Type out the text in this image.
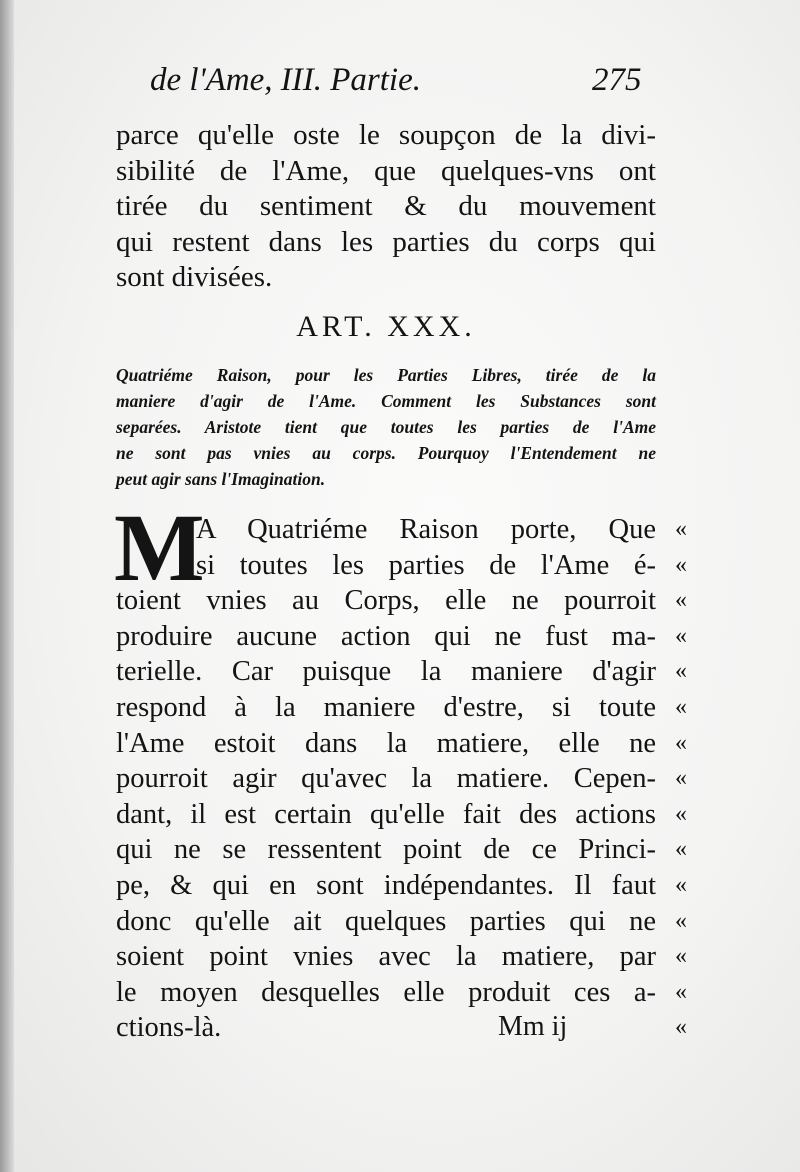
de l'Ame, III. Partie.	275
parce qu'elle oste le soupçon de la divi-
sibilité de l'Ame, que quelques-vns ont
tirée du sentiment & du mouvement
qui restent dans les parties du corps qui
sont divisées.
ART. XXX.
Quatriéme Raison, pour les Parties Libres, tirée de la
maniere d'agir de l'Ame. Comment les Substances sont
separées. Aristote tient que toutes les parties de l'Ame
ne sont pas vnies au corps. Pourquoy l'Entendement ne
peut agir sans l'Imagination.
M
A Quatriéme Raison porte, Que
si toutes les parties de l'Ame é-
toient vnies au Corps, elle ne pourroit
produire aucune action qui ne fust ma-
terielle. Car puisque la maniere d'agir
respond à la maniere d'estre, si toute
l'Ame estoit dans la matiere, elle ne
pourroit agir qu'avec la matiere. Cepen-
dant, il est certain qu'elle fait des actions
qui ne se ressentent point de ce Princi-
pe, & qui en sont indépendantes. Il faut
donc qu'elle ait quelques parties qui ne
soient point vnies avec la matiere, par
le moyen desquelles elle produit ces a-
ctions-là.	Mm ij
«
«
«
«
«
«
«
«
«
«
«
«
«
«
«
